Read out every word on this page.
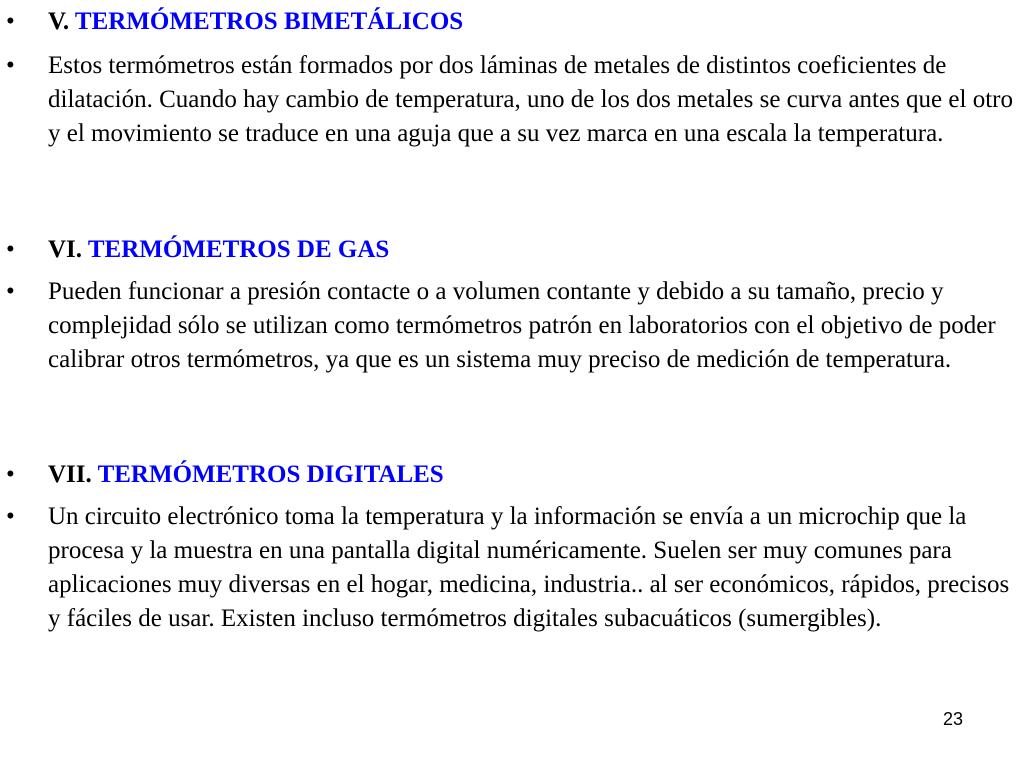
•	V. TERMÓMETROS BIMETÁLICOS
•	Estos termómetros están formados por dos láminas de metales de distintos coeficientes de dilatación. Cuando hay cambio de temperatura, uno de los dos metales se curva antes que el otro y el movimiento se traduce en una aguja que a su vez marca en una escala la temperatura.
•	VI. TERMÓMETROS DE GAS
•	Pueden funcionar a presión contacte o a volumen contante y debido a su tamaño, precio y complejidad sólo se utilizan como termómetros patrón en laboratorios con el objetivo de poder calibrar otros termómetros, ya que es un sistema muy preciso de medición de temperatura.
•	VII. TERMÓMETROS DIGITALES
•	Un circuito electrónico toma la temperatura y la información se envía a un microchip que la procesa y la muestra en una pantalla digital numéricamente. Suelen ser muy comunes para aplicaciones muy diversas en el hogar, medicina, industria.. al ser económicos, rápidos, precisos y fáciles de usar. Existen incluso termómetros digitales subacuáticos (sumergibles).
23
